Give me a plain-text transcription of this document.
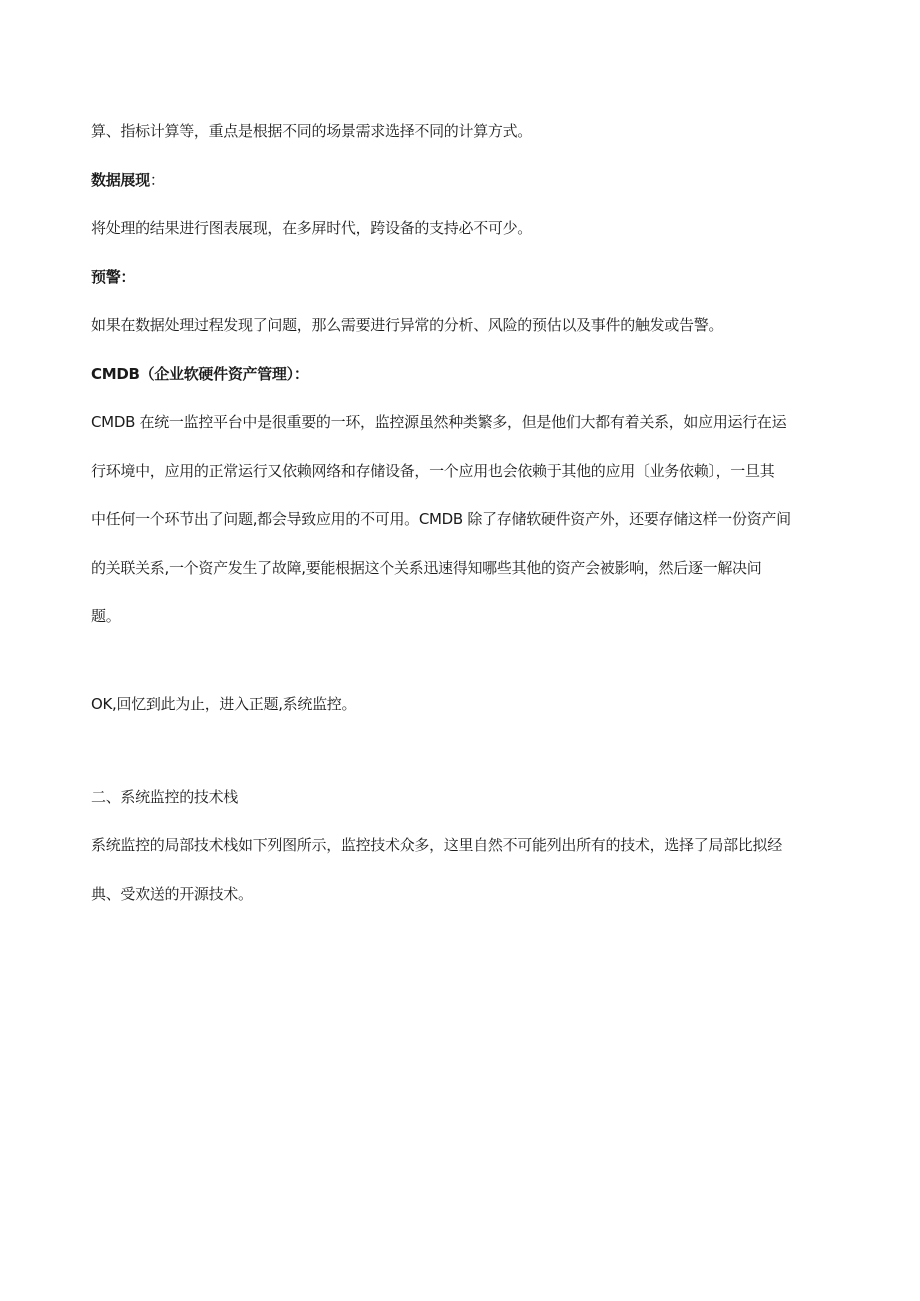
算、指标计算等，重点是根据不同的场景需求选择不同的计算方式。
数据展现：
将处理的结果进行图表展现，在多屏时代，跨设备的支持必不可少。
预警：
如果在数据处理过程发现了问题，那么需要进行异常的分析、风险的预估以及事件的触发或告警。
CMDB（企业软硬件资产管理）：
CMDB 在统一监控平台中是很重要的一环，监控源虽然种类繁多，但是他们大都有着关系，如应用运行在运
行环境中，应用的正常运行又依赖网络和存储设备，一个应用也会依赖于其他的应用〔业务依赖〕，一旦其
中任何一个环节出了问题,都会导致应用的不可用。CMDB 除了存储软硬件资产外，还要存储这样一份资产间
的关联关系,一个资产发生了故障,要能根据这个关系迅速得知哪些其他的资产会被影响，然后逐一解决问
题。
OK,回忆到此为止，进入正题,系统监控。
二、系统监控的技术栈
系统监控的局部技术栈如下列图所示，监控技术众多，这里自然不可能列出所有的技术，选择了局部比拟经
典、受欢送的开源技术。
